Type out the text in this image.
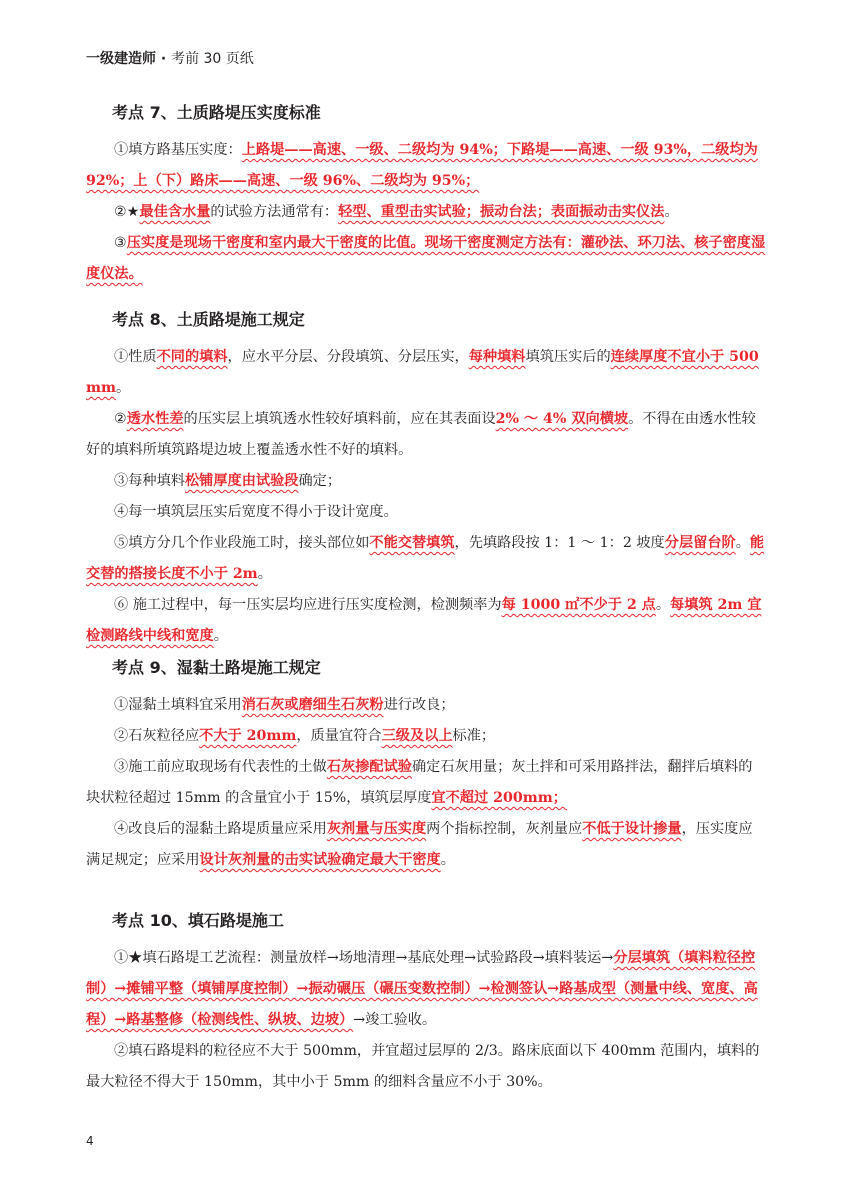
一级建造师 · 考前 30 页纸
考点 7、土质路堤压实度标准

①填方路基压实度：上路堤——高速、一级、二级均为 94%；下路堤——高速、一级 93%，二级均为 92%；上（下）路床——高速、一级 96%、二级均为 95%；

②★最佳含水量的试验方法通常有：轻型、重型击实试验；振动台法；表面振动击实仪法。

③压实度是现场干密度和室内最大干密度的比值。现场干密度测定方法有：灌砂法、环刀法、核子密度湿度仪法。

考点 8、土质路堤施工规定

①性质不同的填料，应水平分层、分段填筑、分层压实，每种填料填筑压实后的连续厚度不宜小于 500mm。

②透水性差的压实层上填筑透水性较好填料前，应在其表面设2% ～ 4% 双向横坡。不得在由透水性较好的填料所填筑路堤边坡上覆盖透水性不好的填料。

③每种填料松铺厚度由试验段确定；

④每一填筑层压实后宽度不得小于设计宽度。

⑤填方分几个作业段施工时，接头部位如不能交替填筑，先填路段按 1：1 ～ 1：2 坡度分层留台阶。能交替的搭接长度不小于 2m。

⑥ 施工过程中，每一压实层均应进行压实度检测，检测频率为每 1000 ㎡不少于 2 点。每填筑 2m 宜检测路线中线和宽度。

考点 9、湿黏土路堤施工规定

①湿黏土填料宜采用消石灰或磨细生石灰粉进行改良；

②石灰粒径应不大于 20mm，质量宜符合三级及以上标准；

③施工前应取现场有代表性的土做石灰掺配试验确定石灰用量；灰土拌和可采用路拌法，翻拌后填料的块状粒径超过 15mm 的含量宜小于 15%，填筑层厚度宜不超过 200mm；

④改良后的湿黏土路堤质量应采用灰剂量与压实度两个指标控制，灰剂量应不低于设计掺量，压实度应满足规定；应采用设计灰剂量的击实试验确定最大干密度。

考点 10、填石路堤施工

①★填石路堤工艺流程：测量放样→场地清理→基底处理→试验路段→填料装运→分层填筑（填料粒径控制）→摊铺平整（填铺厚度控制）→振动碾压（碾压变数控制）→检测签认→路基成型（测量中线、宽度、高程）→路基整修（检测线性、纵坡、边坡）→竣工验收。

②填石路堤料的粒径应不大于 500mm，并宜超过层厚的 2/3。路床底面以下 400mm 范围内，填料的最大粒径不得大于 150mm，其中小于 5mm 的细料含量应不小于 30%。

4
